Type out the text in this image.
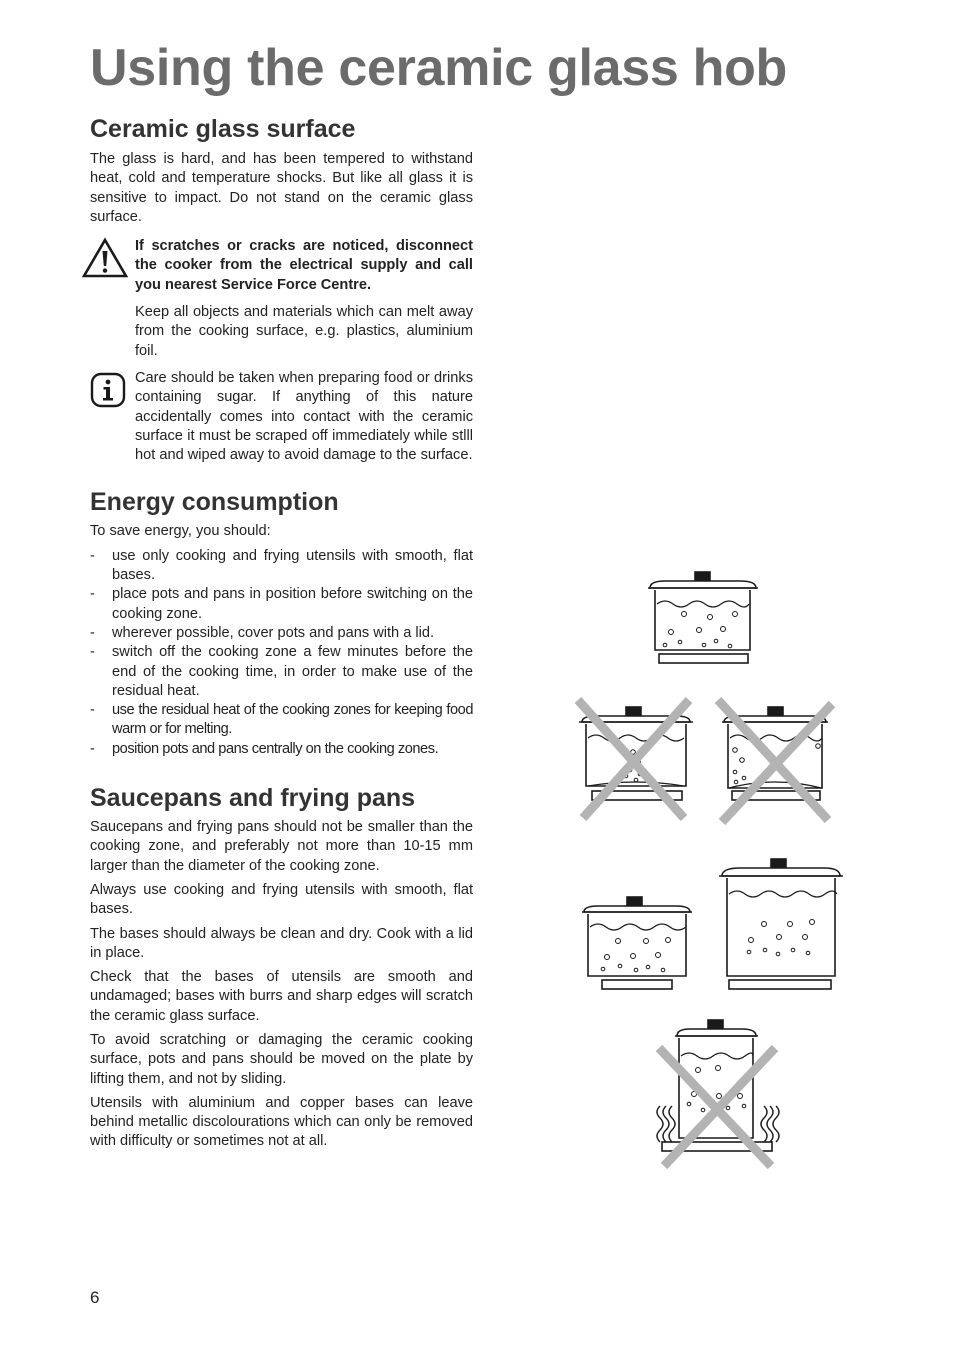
Using the ceramic glass hob
Ceramic glass surface

The glass is hard, and has been tempered to withstand heat, cold and temperature shocks. But like all glass it is sensitive to impact. Do not stand on the ceramic glass surface.

If scratches or cracks are noticed, disconnect the cooker from the electrical supply and call you nearest Service Force Centre.

Keep all objects and materials which can melt away from the cooking surface, e.g. plastics, aluminium foil.

Care should be taken when preparing food or drinks containing sugar. If anything of this nature accidentally comes into contact with the ceramic surface it must be scraped off immediately while stlll hot and wiped away to avoid damage to the surface.

Energy consumption

To save energy, you should:

- use only cooking and frying utensils with smooth, flat bases.
- place pots and pans in position before switching on the cooking zone.
- wherever possible, cover pots and pans with a lid.
- switch off the cooking zone a few minutes before the end of the cooking time, in order to make use of the residual heat.
- use the residual heat of the cooking zones for keeping food warm or for melting.
- position pots and pans centrally on the cooking zones.
Saucepans and frying pans

Saucepans and frying pans should not be smaller than the cooking zone, and preferably not more than 10-15 mm larger than the diameter of the cooking zone.

Always use cooking and frying utensils with smooth, flat bases.

The bases should always be clean and dry. Cook with a lid in place.

Check that the bases of utensils are smooth and undamaged; bases with burrs and sharp edges will scratch the ceramic glass surface.

To avoid scratching or damaging the ceramic cooking surface, pots and pans should be moved on the plate by lifting them, and not by sliding.

Utensils with aluminium and copper bases can leave behind metallic discolourations which can only be removed with difficulty or sometimes not at all.

6
